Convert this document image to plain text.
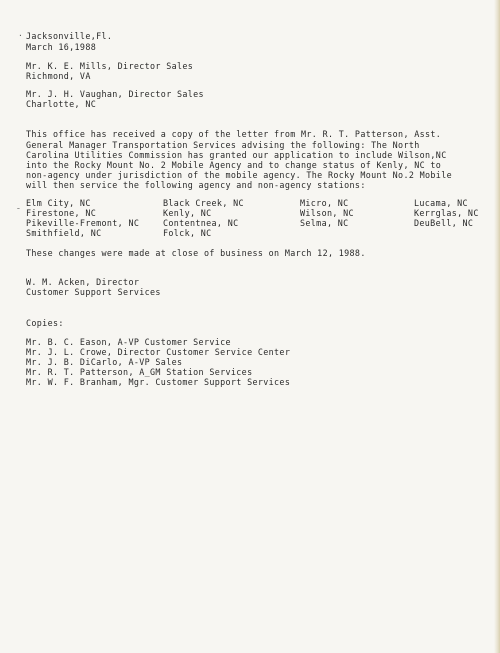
· Jacksonville,Fl.
March 16,1988
Mr. K. E. Mills, Director Sales
Richmond, VA
Mr. J. H. Vaughan, Director Sales
Charlotte, NC
This office has received a copy of the letter from Mr. R. T. Patterson, Asst.
General Manager Transportation Services advising the following: The North
Carolina Utilities Commission has granted our application to include Wilson,NC
into the Rocky Mount No. 2 Mobile Agency and to change status of Kenly, NC to
non-agency under jurisdiction of the mobile agency. The Rocky Mount No.2 Mobile
will then service the following agency and non-agency stations:
ˍ Elm City, NC
Firestone, NC
Pikeville-Fremont, NC
Smithfield, NC
Black Creek, NC
Kenly, NC
Contentnea, NC
Folck, NC
Micro, NC
Wilson, NC
Selma, NC
Lucama, NC
Kerrglas, NC
DeuBell, NC
These changes were made at close of business on March 12, 1988.
W. M. Acken, Director
Customer Support Services
Copies:
Mr. B. C. Eason, A-VP Customer Service
Mr. J. L. Crowe, Director Customer Service Center
Mr. J. B. DiCarlo, A-VP Sales
Mr. R. T. Patterson, A_GM Station Services
Mr. W. F. Branham, Mgr. Customer Support Services
